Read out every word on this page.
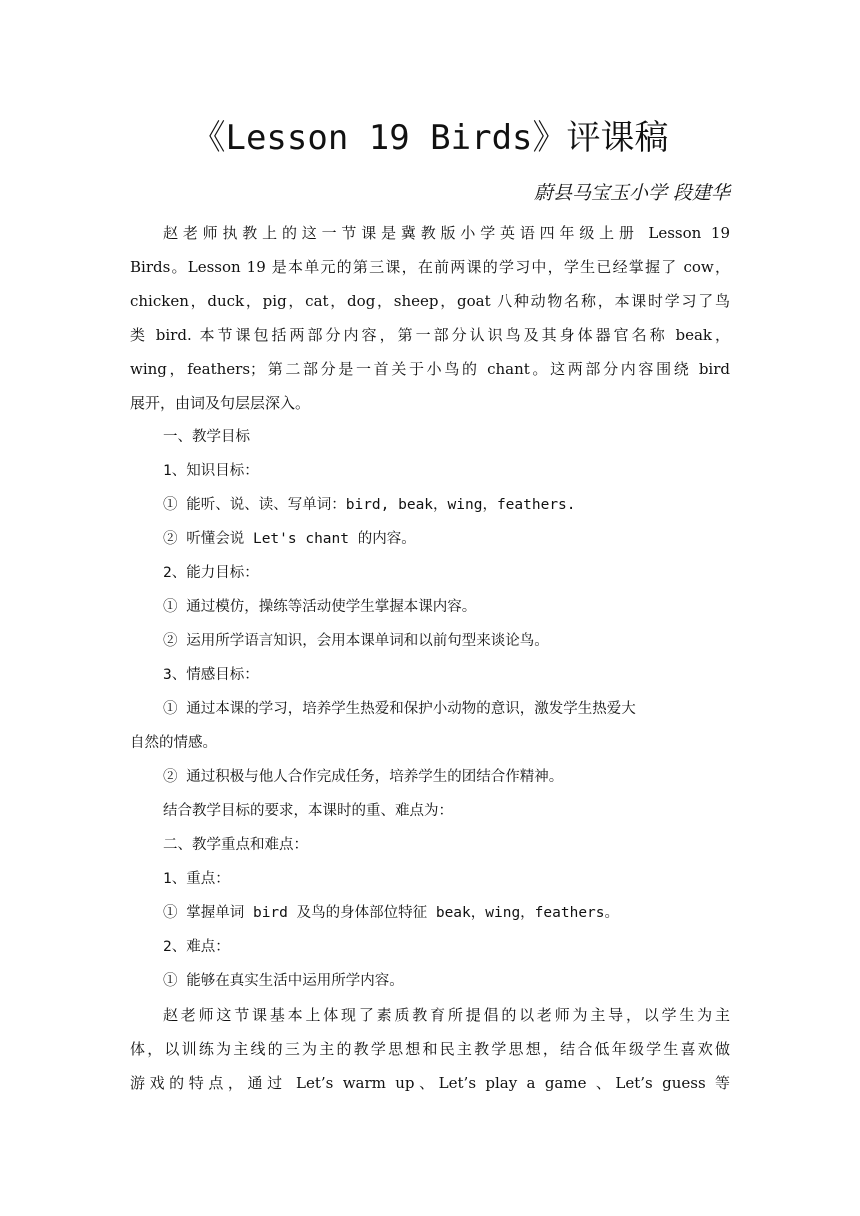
《Lesson 19 Birds》评课稿
蔚县马宝玉小学 段建华
赵老师执教上的这一节课是冀教版小学英语四年级上册 Lesson 19
Birds。Lesson 19 是本单元的第三课，在前两课的学习中，学生已经掌握了 cow，
chicken，duck，pig，cat，dog，sheep，goat 八种动物名称，本课时学习了鸟
类 bird. 本节课包括两部分内容，第一部分认识鸟及其身体器官名称 beak，
wing，feathers；第二部分是一首关于小鸟的 chant。这两部分内容围绕 bird
展开，由词及句层层深入。
一、教学目标
1、知识目标：
① 能听、说、读、写单词：bird, beak，wing，feathers.
② 听懂会说 Let's chant 的内容。
2、能力目标：
① 通过模仿，操练等活动使学生掌握本课内容。
② 运用所学语言知识，会用本课单词和以前句型来谈论鸟。
3、情感目标：
① 通过本课的学习，培养学生热爱和保护小动物的意识，激发学生热爱大
自然的情感。
② 通过积极与他人合作完成任务，培养学生的团结合作精神。
结合教学目标的要求，本课时的重、难点为：
二、教学重点和难点：
1、重点：
① 掌握单词 bird 及鸟的身体部位特征 beak，wing，feathers。
2、难点：
① 能够在真实生活中运用所学内容。
赵老师这节课基本上体现了素质教育所提倡的以老师为主导，以学生为主
体，以训练为主线的三为主的教学思想和民主教学思想，结合低年级学生喜欢做
游戏的特点，通过 Let’s warm up、Let’s play a game 、Let’s guess 等
